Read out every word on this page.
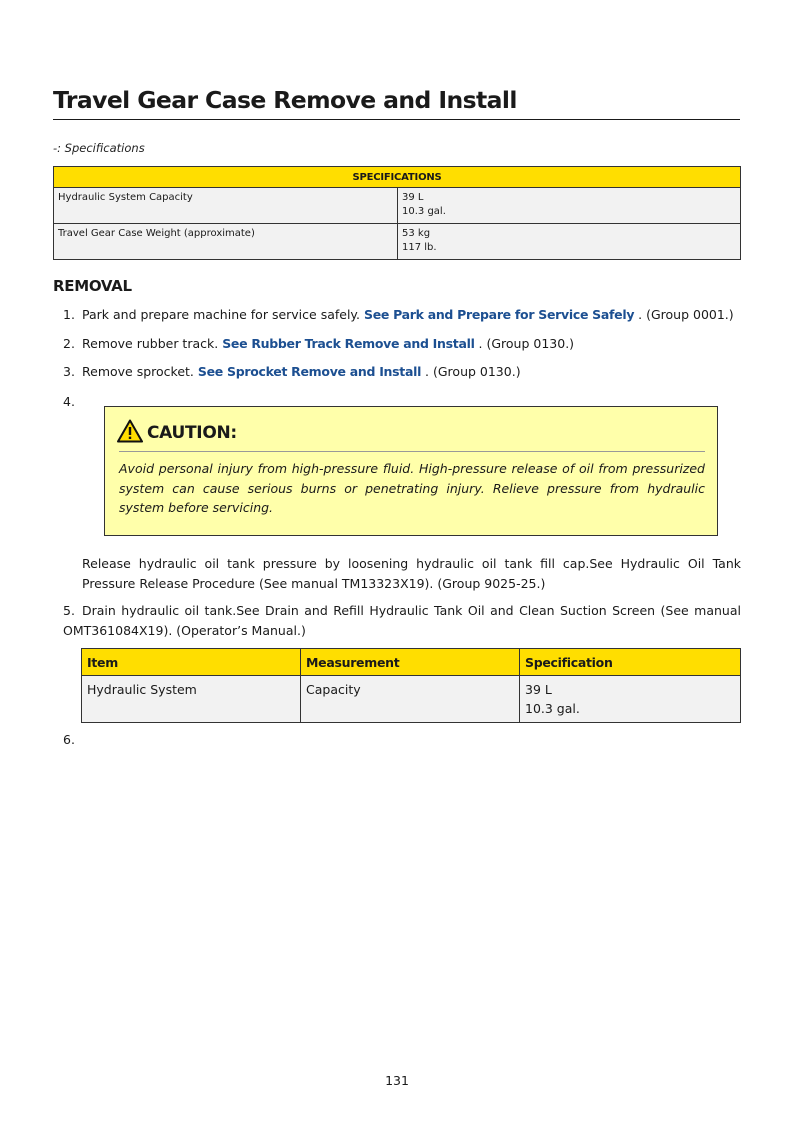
Travel Gear Case Remove and Install
-: Specifications
SPECIFICATIONS	
Hydraulic System Capacity	39 L
10.3 gal.

Travel Gear Case Weight (approximate)	53 kg
117 lb.
REMOVAL
1. Park and prepare machine for service safely. See Park and Prepare for Service Safely . (Group 0001.)
2. Remove rubber track. See Rubber Track Remove and Install . (Group 0130.)
3. Remove sprocket. See Sprocket Remove and Install . (Group 0130.)
4.
CAUTION:
Avoid personal injury from high-pressure fluid. High-pressure release of oil from pressurized system can cause serious burns or penetrating injury. Relieve pressure from hydraulic system before servicing.
Release hydraulic oil tank pressure by loosening hydraulic oil tank fill cap.See Hydraulic Oil Tank Pressure Release Procedure (See manual TM13323X19). (Group 9025-25.)
5. Drain hydraulic oil tank.See Drain and Refill Hydraulic Tank Oil and Clean Suction Screen (See manual OMT361084X19). (Operator’s Manual.)
Item	Measurement	Specification
Hydraulic System	Capacity	39 L
10.3 gal.
6.
131
